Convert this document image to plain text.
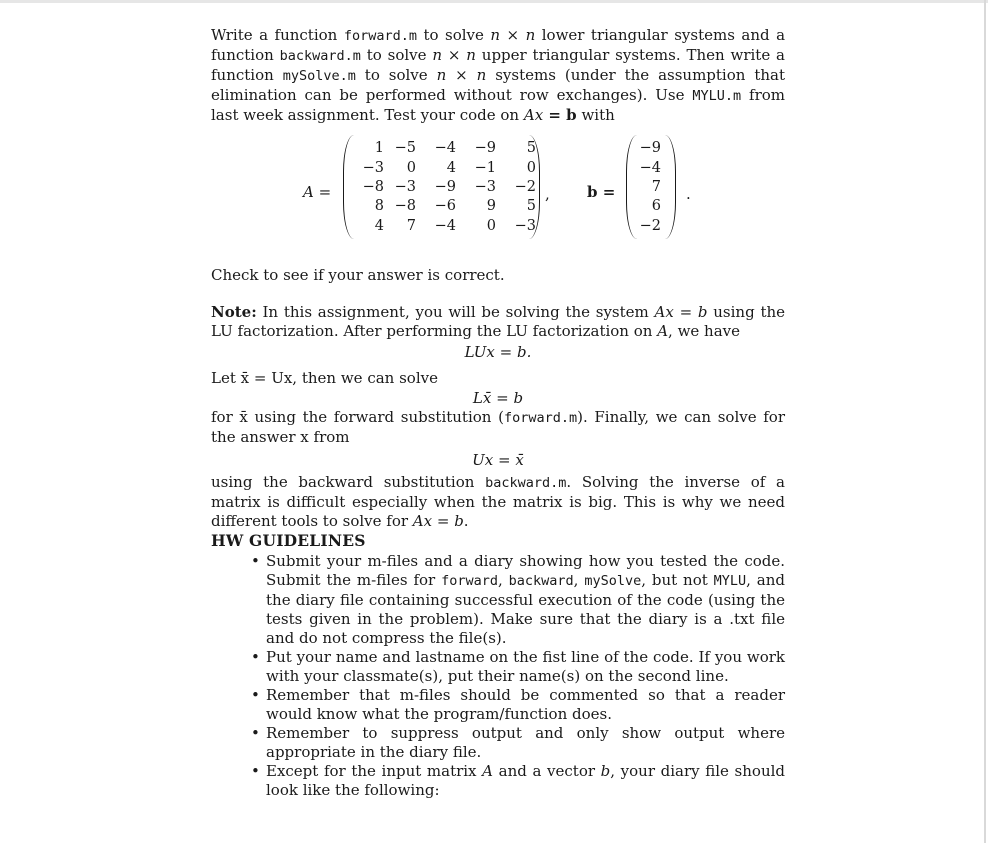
Write a function forward.m to solve n × n lower triangular systems and a function backward.m to solve n × n upper triangular systems. Then write a function mySolve.m to solve n × n systems (under the assumption that elimination can be performed without row exchanges). Use MYLU.m from last week assignment. Test your code on Ax = b with

A =
1	−5	−4	−9	5
−3	0	4	−1	0
−8	−3	−9	−3	−2
8	−8	−6	9	5
4	7	−4	0	−3
, b =
−9
−4
7
6
−2
.

Check to see if your answer is correct.

Note: In this assignment, you will be solving the system Ax = b using the LU factorization. After performing the LU factorization on A, we have

LUx = b.

Let x̄ = Ux, then we can solve

Lx̄ = b

for x̄ using the forward substitution (forward.m). Finally, we can solve for the answer x from

Ux = x̄

using the backward substitution backward.m. Solving the inverse of a matrix is difficult especially when the matrix is big. This is why we need different tools to solve for Ax = b.

HW GUIDELINES
• Submit your m-files and a diary showing how you tested the code. Submit the m-files for forward, backward, mySolve, but not MYLU, and the diary file containing successful execution of the code (using the tests given in the problem). Make sure that the diary is a .txt file and do not compress the file(s).
• Put your name and lastname on the fist line of the code. If you work with your classmate(s), put their name(s) on the second line.
• Remember that m-files should be commented so that a reader would know what the program/function does.
• Remember to suppress output and only show output where appropriate in the diary file.
• Except for the input matrix A and a vector b, your diary file should look like the following:
